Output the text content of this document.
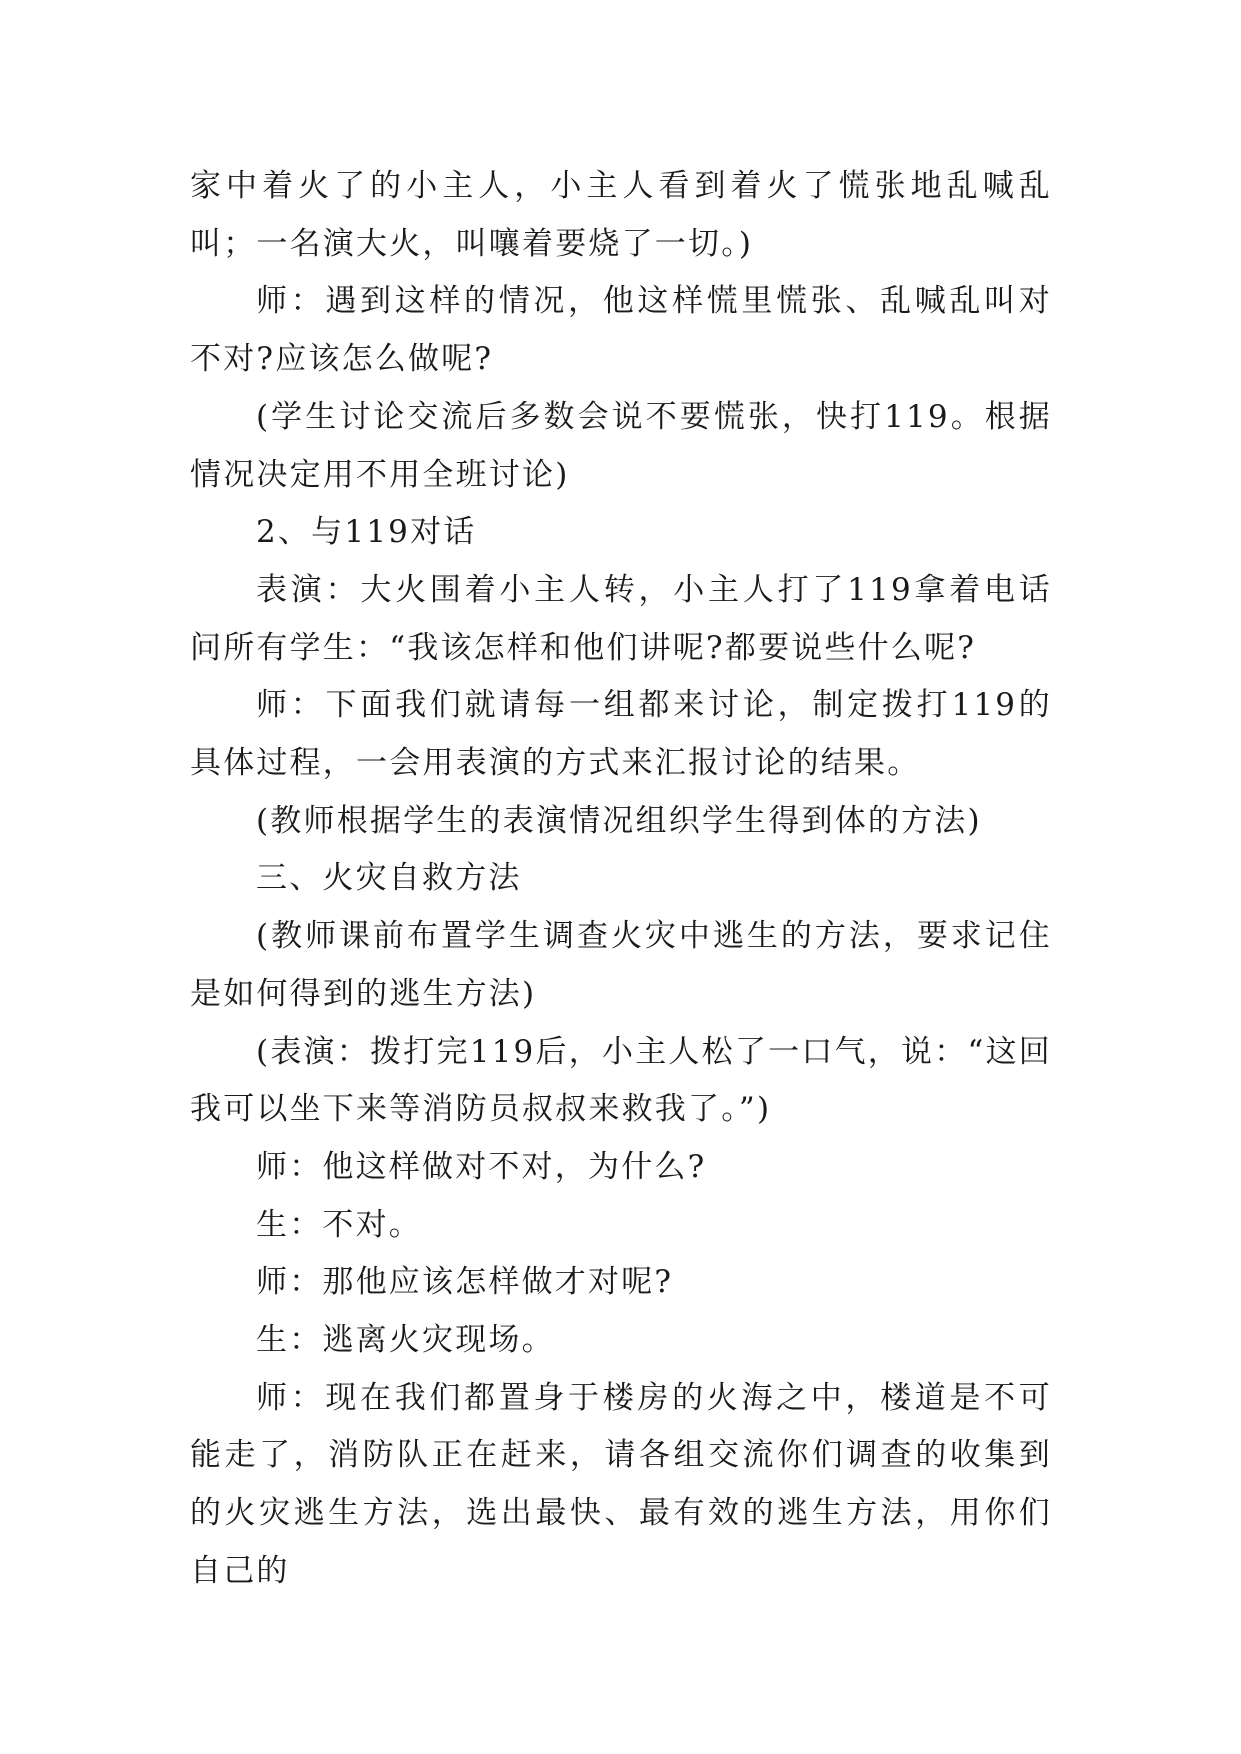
家中着火了的小主人，小主人看到着火了慌张地乱喊乱叫；一名演大火，叫嚷着要烧了一切。)

师：遇到这样的情况，他这样慌里慌张、乱喊乱叫对不对?应该怎么做呢?

(学生讨论交流后多数会说不要慌张，快打119。根据情况决定用不用全班讨论)

2、与119对话

表演：大火围着小主人转，小主人打了119拿着电话问所有学生：“我该怎样和他们讲呢?都要说些什么呢?

师：下面我们就请每一组都来讨论，制定拨打119的具体过程，一会用表演的方式来汇报讨论的结果。

(教师根据学生的表演情况组织学生得到体的方法)

三、火灾自救方法

(教师课前布置学生调查火灾中逃生的方法，要求记住是如何得到的逃生方法)

(表演：拨打完119后，小主人松了一口气，说：“这回我可以坐下来等消防员叔叔来救我了。”)

师：他这样做对不对，为什么?

生：不对。

师：那他应该怎样做才对呢?

生：逃离火灾现场。

师：现在我们都置身于楼房的火海之中，楼道是不可能走了，消防队正在赶来，请各组交流你们调查的收集到的火灾逃生方法，选出最快、最有效的逃生方法，用你们自己的
